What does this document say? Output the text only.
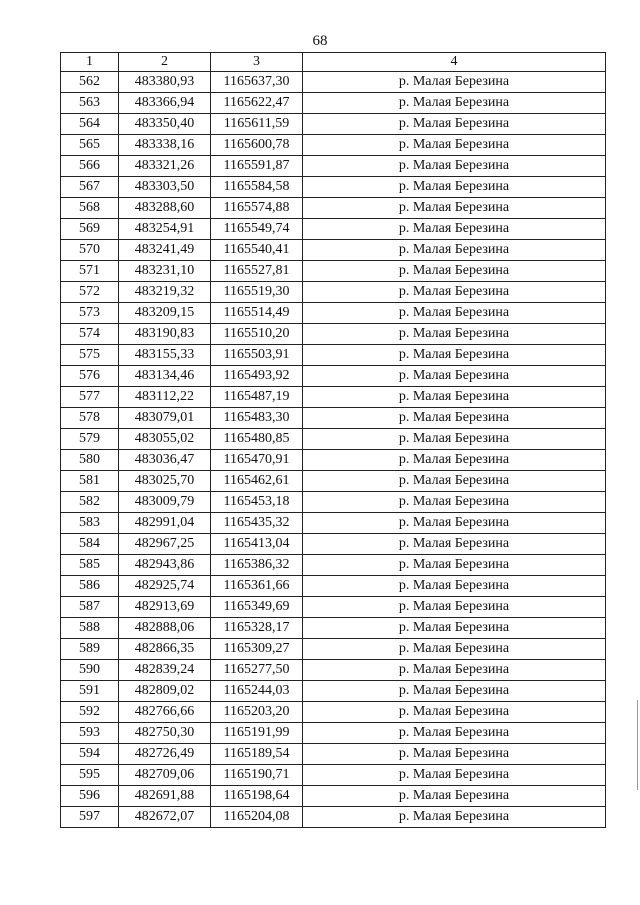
68
1	2	3	4
562	483380,93	1165637,30	р. Малая Березина
563	483366,94	1165622,47	р. Малая Березина
564	483350,40	1165611,59	р. Малая Березина
565	483338,16	1165600,78	р. Малая Березина
566	483321,26	1165591,87	р. Малая Березина
567	483303,50	1165584,58	р. Малая Березина
568	483288,60	1165574,88	р. Малая Березина
569	483254,91	1165549,74	р. Малая Березина
570	483241,49	1165540,41	р. Малая Березина
571	483231,10	1165527,81	р. Малая Березина
572	483219,32	1165519,30	р. Малая Березина
573	483209,15	1165514,49	р. Малая Березина
574	483190,83	1165510,20	р. Малая Березина
575	483155,33	1165503,91	р. Малая Березина
576	483134,46	1165493,92	р. Малая Березина
577	483112,22	1165487,19	р. Малая Березина
578	483079,01	1165483,30	р. Малая Березина
579	483055,02	1165480,85	р. Малая Березина
580	483036,47	1165470,91	р. Малая Березина
581	483025,70	1165462,61	р. Малая Березина
582	483009,79	1165453,18	р. Малая Березина
583	482991,04	1165435,32	р. Малая Березина
584	482967,25	1165413,04	р. Малая Березина
585	482943,86	1165386,32	р. Малая Березина
586	482925,74	1165361,66	р. Малая Березина
587	482913,69	1165349,69	р. Малая Березина
588	482888,06	1165328,17	р. Малая Березина
589	482866,35	1165309,27	р. Малая Березина
590	482839,24	1165277,50	р. Малая Березина
591	482809,02	1165244,03	р. Малая Березина
592	482766,66	1165203,20	р. Малая Березина
593	482750,30	1165191,99	р. Малая Березина
594	482726,49	1165189,54	р. Малая Березина
595	482709,06	1165190,71	р. Малая Березина
596	482691,88	1165198,64	р. Малая Березина
597	482672,07	1165204,08	р. Малая Березина
